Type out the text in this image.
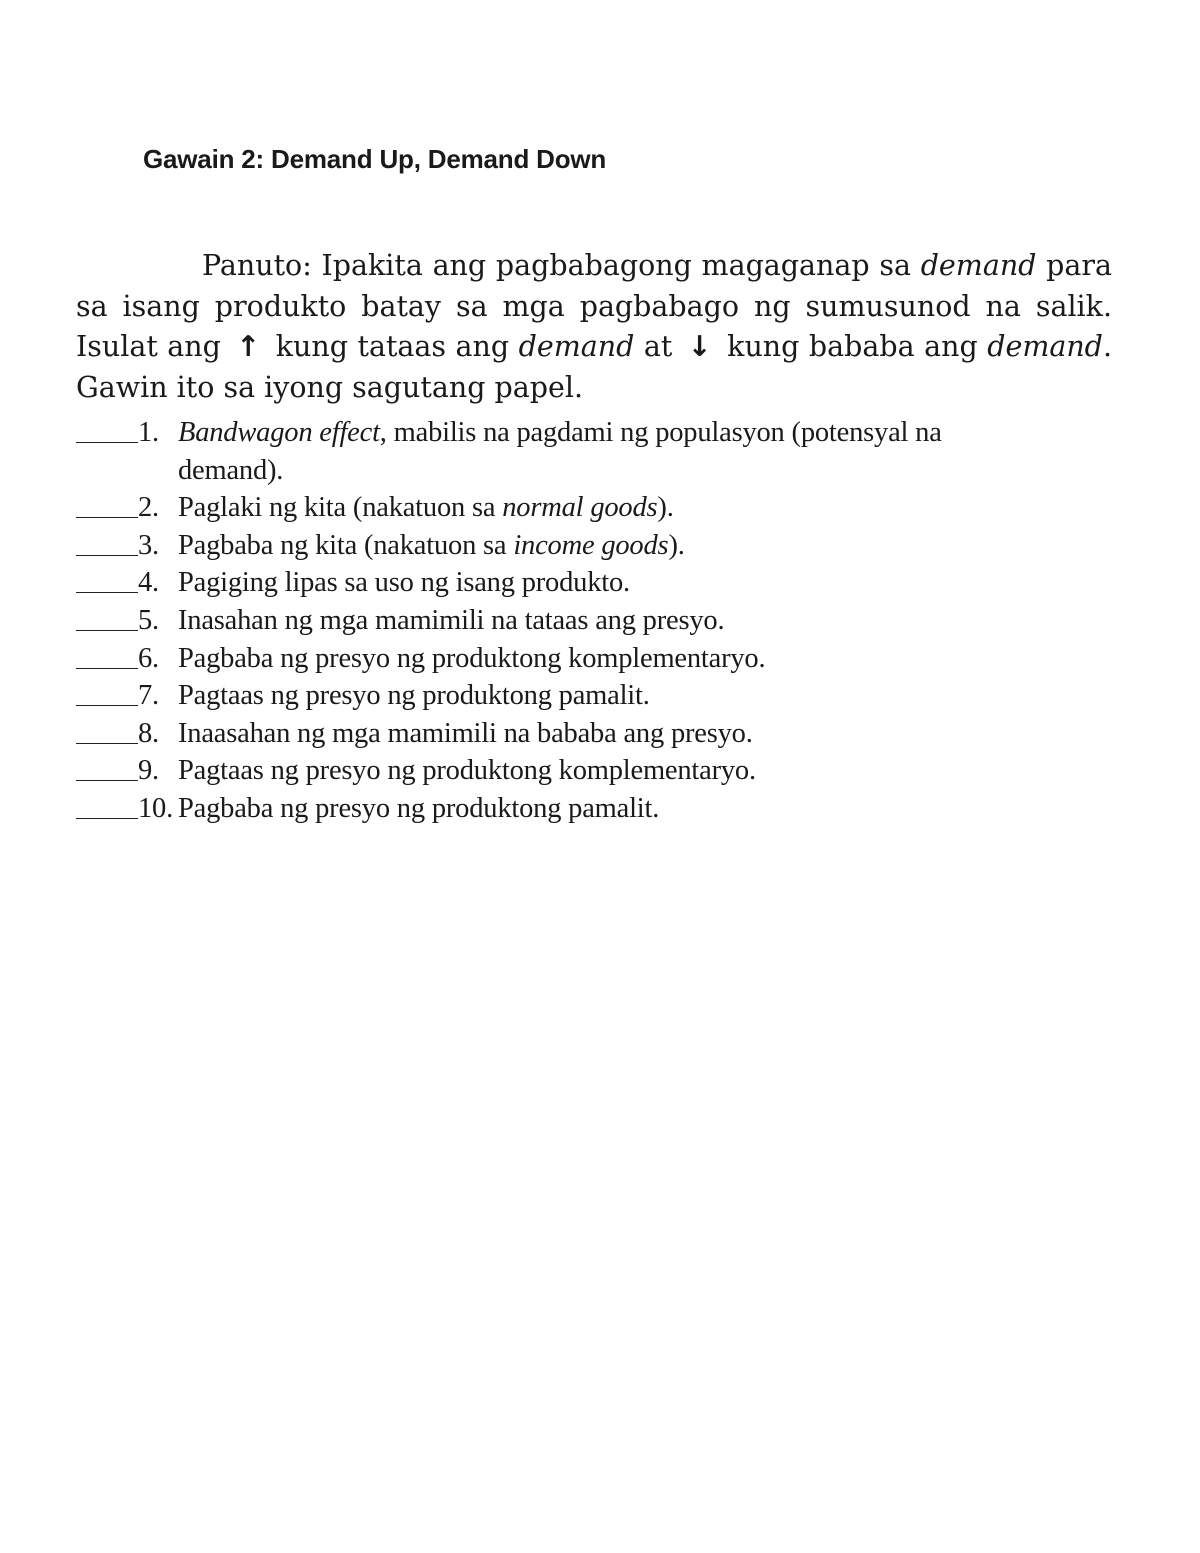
Gawain 2: Demand Up, Demand Down
Panuto: Ipakita ang pagbabagong magaganap sa demand para
sa isang produkto batay sa mga pagbabago ng sumusunod na salik.
Isulat ang ↑ kung tataas ang demand at ↓ kung bababa ang demand.
Gawin ito sa iyong sagutang papel.
1. Bandwagon effect, mabilis na pagdami ng populasyon (potensyal na demand).
2. Paglaki ng kita (nakatuon sa normal goods).
3. Pagbaba ng kita (nakatuon sa income goods).
4. Pagiging lipas sa uso ng isang produkto.
5. Inasahan ng mga mamimili na tataas ang presyo.
6. Pagbaba ng presyo ng produktong komplementaryo.
7. Pagtaas ng presyo ng produktong pamalit.
8. Inaasahan ng mga mamimili na bababa ang presyo.
9. Pagtaas ng presyo ng produktong komplementaryo.
10. Pagbaba ng presyo ng produktong pamalit.
